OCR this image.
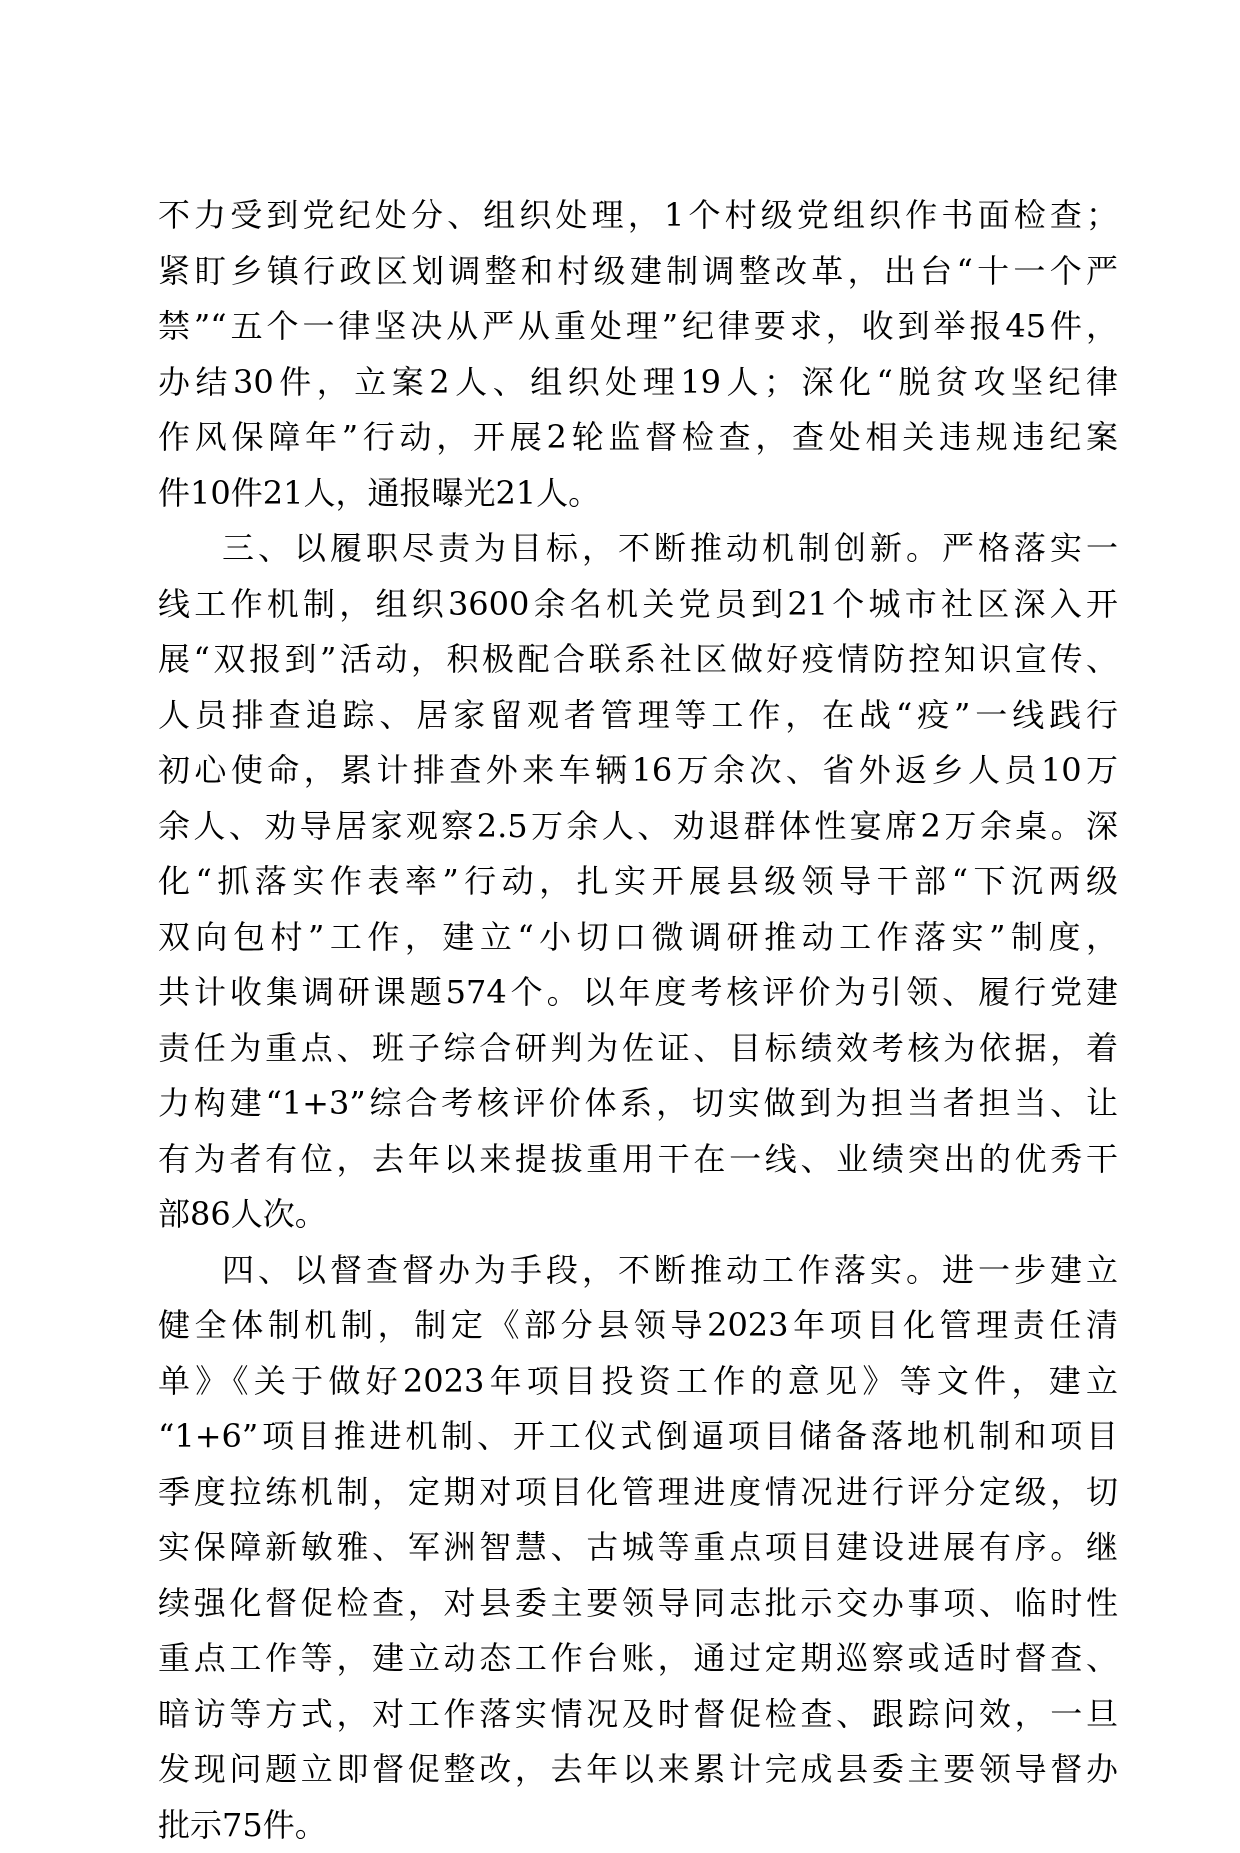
不力受到党纪处分、组织处理，1个村级党组织作书面检查；
紧盯乡镇行政区划调整和村级建制调整改革，出台“十一个严
禁”“五个一律坚决从严从重处理”纪律要求，收到举报45件，
办结30件，立案2人、组织处理19人；深化“脱贫攻坚纪律
作风保障年”行动，开展2轮监督检查，查处相关违规违纪案
件10件21人，通报曝光21人。
三、以履职尽责为目标，不断推动机制创新。严格落实一
线工作机制，组织3600余名机关党员到21个城市社区深入开
展“双报到”活动，积极配合联系社区做好疫情防控知识宣传、
人员排查追踪、居家留观者管理等工作，在战“疫”一线践行
初心使命，累计排查外来车辆16万余次、省外返乡人员10万
余人、劝导居家观察2.5万余人、劝退群体性宴席2万余桌。深
化“抓落实作表率”行动，扎实开展县级领导干部“下沉两级
双向包村”工作，建立“小切口微调研推动工作落实”制度，
共计收集调研课题574个。以年度考核评价为引领、履行党建
责任为重点、班子综合研判为佐证、目标绩效考核为依据，着
力构建“1+3”综合考核评价体系，切实做到为担当者担当、让
有为者有位，去年以来提拔重用干在一线、业绩突出的优秀干
部86人次。
四、以督查督办为手段，不断推动工作落实。进一步建立
健全体制机制，制定《部分县领导2023年项目化管理责任清
单》《关于做好2023年项目投资工作的意见》等文件，建立
“1+6”项目推进机制、开工仪式倒逼项目储备落地机制和项目
季度拉练机制，定期对项目化管理进度情况进行评分定级，切
实保障新敏雅、军洲智慧、古城等重点项目建设进展有序。继
续强化督促检查，对县委主要领导同志批示交办事项、临时性
重点工作等，建立动态工作台账，通过定期巡察或适时督查、
暗访等方式，对工作落实情况及时督促检查、跟踪问效，一旦
发现问题立即督促整改，去年以来累计完成县委主要领导督办
批示75件。
